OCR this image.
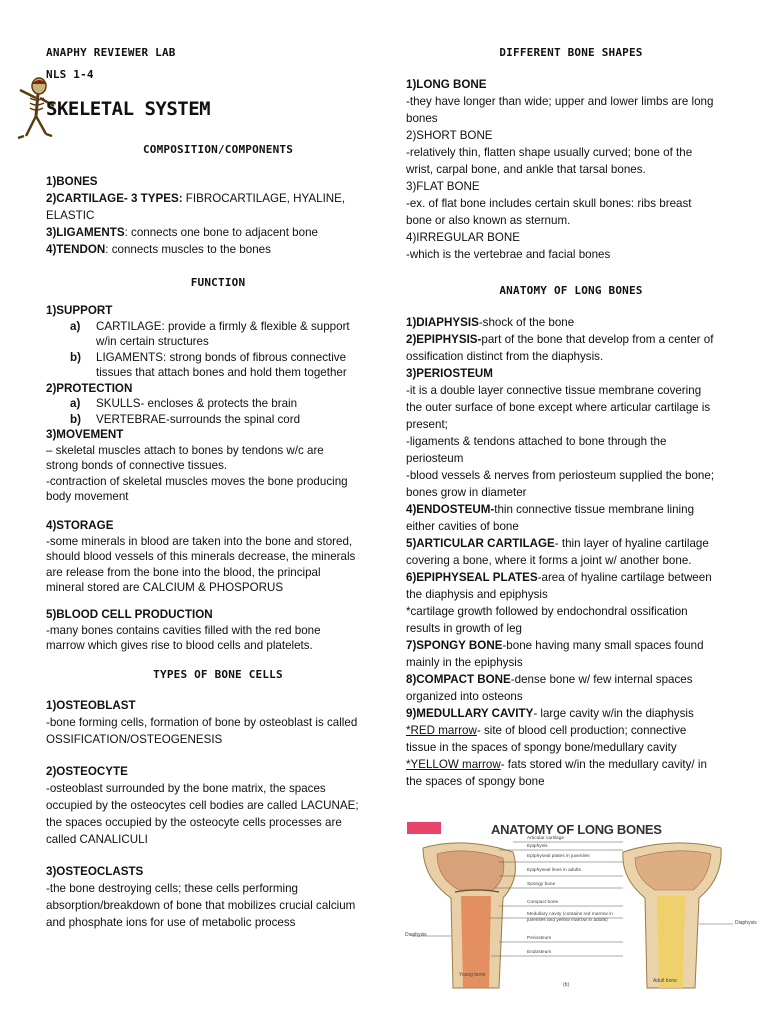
ANAPHY REVIEWER LAB
NLS 1-4
SKELETAL SYSTEM
COMPOSITION/COMPONENTS
1)BONES
2)CARTILAGE- 3 TYPES: FIBROCARTILAGE, HYALINE,
ELASTIC
3)LIGAMENTS: connects one bone to adjacent bone
4)TENDON: connects muscles to the bones
FUNCTION
1)SUPPORT
a) CARTILAGE: provide a firmly & flexible & support
w/in certain structures
b) LIGAMENTS: strong bonds of fibrous connective
tissues that attach bones and hold them together
2)PROTECTION
a) SKULLS- encloses & protects the brain
b) VERTEBRAE-surrounds the spinal cord
3)MOVEMENT
– skeletal muscles attach to bones by tendons w/c are
strong bonds of connective tissues.
-contraction of skeletal muscles moves the bone producing
body movement
4)STORAGE
-some minerals in blood are taken into the bone and stored,
should blood vessels of this minerals decrease, the minerals
are release from the bone into the blood, the principal
mineral stored are CALCIUM & PHOSPORUS
5)BLOOD CELL PRODUCTION
-many bones contains cavities filled with the red bone
marrow which gives rise to blood cells and platelets.
TYPES OF BONE CELLS
1)OSTEOBLAST
-bone forming cells, formation of bone by osteoblast is called
OSSIFICATION/OSTEOGENESIS
2)OSTEOCYTE
-osteoblast surrounded by the bone matrix, the spaces
occupied by the osteocytes cell bodies are called LACUNAE;
the spaces occupied by the osteocyte cells processes are
called CANALICULI
3)OSTEOCLASTS
-the bone destroying cells; these cells performing
absorption/breakdown of bone that mobilizes crucial calcium
and phosphate ions for use of metabolic process
DIFFERENT BONE SHAPES
1)LONG BONE
-they have longer than wide; upper and lower limbs are long
bones
2)SHORT BONE
-relatively thin, flatten shape usually curved; bone of the
wrist, carpal bone, and ankle that tarsal bones.
3)FLAT BONE
-ex. of flat bone includes certain skull bones: ribs breast
bone or also known as sternum.
4)IRREGULAR BONE
-which is the vertebrae and facial bones
ANATOMY OF LONG BONES
1)DIAPHYSIS-shock of the bone
2)EPIPHYSIS-part of the bone that develop from a center of
ossification distinct from the diaphysis.
3)PERIOSTEUM
-it is a double layer connective tissue membrane covering
the outer surface of bone except where articular cartilage is
present;
-ligaments & tendons attached to bone through the
periosteum
-blood vessels & nerves from periosteum supplied the bone;
bones grow in diameter
4)ENDOSTEUM-thin connective tissue membrane lining
either cavities of bone
5)ARTICULAR CARTILAGE- thin layer of hyaline cartilage
covering a bone, where it forms a joint w/ another bone.
6)EPIPHYSEAL PLATES-area of hyaline cartilage between
the diaphysis and epiphysis
*cartilage growth followed by endochondral ossification
results in growth of leg
7)SPONGY BONE-bone having many small spaces found
mainly in the epiphysis
8)COMPACT BONE-dense bone w/ few internal spaces
organized into osteons
9)MEDULLARY CAVITY- large cavity w/in the diaphysis
*RED marrow- site of blood cell production; connective
tissue in the spaces of spongy bone/medullary cavity
*YELLOW marrow- fats stored w/in the medullary cavity/ in
the spaces of spongy bone
ANATOMY OF LONG BONES
Articular cartilage
Epiphysis
Epiphyseal plates in juveniles
Epiphyseal lines in adults
Spongy bone
Compact bone
Medullary cavity (contains red marrow in juveniles and yellow marrow in adults)
Periosteum
Endosteum
Diaphysis
Diaphysis
Young bone
(b)
Adult bone
